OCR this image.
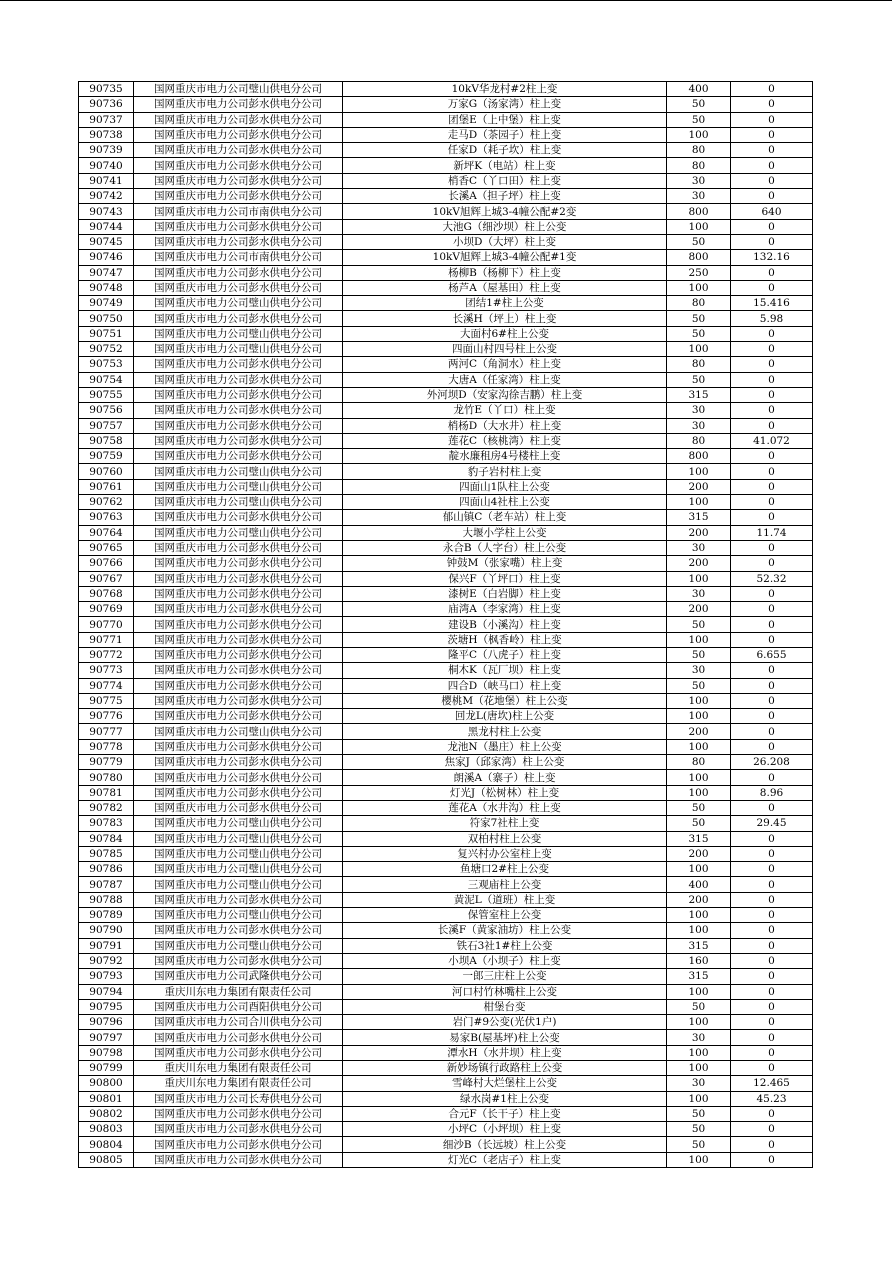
90735	国网重庆市电力公司璧山供电分公司	10kV华龙村#2柱上变	400	0
90736	国网重庆市电力公司彭水供电分公司	万家G（汤家湾）柱上变	50	0
90737	国网重庆市电力公司彭水供电分公司	团堡E（上中堡）柱上变	50	0
90738	国网重庆市电力公司彭水供电分公司	走马D（茶园子）柱上变	100	0
90739	国网重庆市电力公司彭水供电分公司	任家D（耗子坎）柱上变	80	0
90740	国网重庆市电力公司彭水供电分公司	新坪K（电站）柱上变	80	0
90741	国网重庆市电力公司彭水供电分公司	梢香C（丫口田）柱上变	30	0
90742	国网重庆市电力公司彭水供电分公司	长溪A（担子坪）柱上变	30	0
90743	国网重庆市电力公司市南供电分公司	10kV旭辉上城3-4幢公配#2变	800	640
90744	国网重庆市电力公司彭水供电分公司	大池G（细沙坝）柱上公变	100	0
90745	国网重庆市电力公司彭水供电分公司	小坝D（大坪）柱上变	50	0
90746	国网重庆市电力公司市南供电分公司	10kV旭辉上城3-4幢公配#1变	800	132.16
90747	国网重庆市电力公司彭水供电分公司	杨柳B（杨柳下）柱上变	250	0
90748	国网重庆市电力公司彭水供电分公司	杨芦A（屋基田）柱上变	100	0
90749	国网重庆市电力公司璧山供电分公司	团结1#柱上公变	80	15.416
90750	国网重庆市电力公司彭水供电分公司	长溪H（坪上）柱上变	50	5.98
90751	国网重庆市电力公司璧山供电分公司	大面村6#柱上公变	50	0
90752	国网重庆市电力公司璧山供电分公司	四面山村四号柱上公变	100	0
90753	国网重庆市电力公司彭水供电分公司	两河C（角洞水）柱上变	80	0
90754	国网重庆市电力公司彭水供电分公司	大唐A（任家湾）柱上变	50	0
90755	国网重庆市电力公司彭水供电分公司	外河坝D（安家沟徐吉鹏）柱上变	315	0
90756	国网重庆市电力公司彭水供电分公司	龙竹E（丫口）柱上变	30	0
90757	国网重庆市电力公司彭水供电分公司	梢杨D（大水井）柱上变	30	0
90758	国网重庆市电力公司彭水供电分公司	莲花C（核桃湾）柱上变	80	41.072
90759	国网重庆市电力公司彭水供电分公司	靛水廉租房4号楼柱上变	800	0
90760	国网重庆市电力公司璧山供电分公司	豹子岩村柱上变	100	0
90761	国网重庆市电力公司璧山供电分公司	四面山1队柱上公变	200	0
90762	国网重庆市电力公司璧山供电分公司	四面山4社柱上公变	100	0
90763	国网重庆市电力公司彭水供电分公司	郁山镇C（老车站）柱上变	315	0
90764	国网重庆市电力公司璧山供电分公司	大堰小学柱上公变	200	11.74
90765	国网重庆市电力公司彭水供电分公司	永合B（人字台）柱上公变	30	0
90766	国网重庆市电力公司彭水供电分公司	钟鼓M（张家嘴）柱上变	200	0
90767	国网重庆市电力公司彭水供电分公司	保兴F（丫坪口）柱上变	100	52.32
90768	国网重庆市电力公司彭水供电分公司	漆树E（白岩脚）柱上变	30	0
90769	国网重庆市电力公司彭水供电分公司	庙湾A（李家湾）柱上变	200	0
90770	国网重庆市电力公司彭水供电分公司	建设B（小溪沟）柱上变	50	0
90771	国网重庆市电力公司彭水供电分公司	茨塘H（枫香岭）柱上变	100	0
90772	国网重庆市电力公司彭水供电分公司	隆平C（八虎子）柱上变	50	6.655
90773	国网重庆市电力公司彭水供电分公司	桐木K（瓦厂坝）柱上变	30	0
90774	国网重庆市电力公司彭水供电分公司	四合D（峡马口）柱上变	50	0
90775	国网重庆市电力公司彭水供电分公司	樱桃M（花地堡）柱上公变	100	0
90776	国网重庆市电力公司彭水供电分公司	回龙L(唐坎)柱上公变	100	0
90777	国网重庆市电力公司璧山供电分公司	黑龙村柱上公变	200	0
90778	国网重庆市电力公司彭水供电分公司	龙池N（墨庄）柱上公变	100	0
90779	国网重庆市电力公司彭水供电分公司	焦家J（邱家湾）柱上公变	80	26.208
90780	国网重庆市电力公司彭水供电分公司	朗溪A（寨子）柱上变	100	0
90781	国网重庆市电力公司彭水供电分公司	灯光J（松树林）柱上变	100	8.96
90782	国网重庆市电力公司彭水供电分公司	莲花A（水井沟）柱上变	50	0
90783	国网重庆市电力公司璧山供电分公司	符家7社柱上变	50	29.45
90784	国网重庆市电力公司璧山供电分公司	双柏村柱上公变	315	0
90785	国网重庆市电力公司璧山供电分公司	复兴村办公室柱上变	200	0
90786	国网重庆市电力公司璧山供电分公司	鱼塘口2#柱上公变	100	0
90787	国网重庆市电力公司璧山供电分公司	三观庙柱上公变	400	0
90788	国网重庆市电力公司彭水供电分公司	黄泥L（道班）柱上变	200	0
90789	国网重庆市电力公司璧山供电分公司	保管室柱上公变	100	0
90790	国网重庆市电力公司彭水供电分公司	长溪F（黄家油坊）柱上公变	100	0
90791	国网重庆市电力公司璧山供电分公司	铁石3社1#柱上公变	315	0
90792	国网重庆市电力公司彭水供电分公司	小坝A（小坝子）柱上变	160	0
90793	国网重庆市电力公司武隆供电分公司	一郎三庄柱上公变	315	0
90794	重庆川东电力集团有限责任公司	河口村竹林嘴柱上公变	100	0
90795	国网重庆市电力公司酉阳供电分公司	柑堡台变	50	0
90796	国网重庆市电力公司合川供电分公司	岩门#9公变(光伏1户)	100	0
90797	国网重庆市电力公司彭水供电分公司	易家B(屋基坪)柱上公变	30	0
90798	国网重庆市电力公司彭水供电分公司	潭水H（水井坝）柱上变	100	0
90799	重庆川东电力集团有限责任公司	新妙场镇行政路柱上公变	100	0
90800	重庆川东电力集团有限责任公司	雪峰村大烂堡柱上公变	30	12.465
90801	国网重庆市电力公司长寿供电分公司	绿水岗#1柱上公变	100	45.23
90802	国网重庆市电力公司彭水供电分公司	合元F（长干子）柱上变	50	0
90803	国网重庆市电力公司彭水供电分公司	小坪C（小坪坝）柱上变	50	0
90804	国网重庆市电力公司彭水供电分公司	细沙B（长远坡）柱上公变	50	0
90805	国网重庆市电力公司彭水供电分公司	灯光C（老店子）柱上变	100	0
